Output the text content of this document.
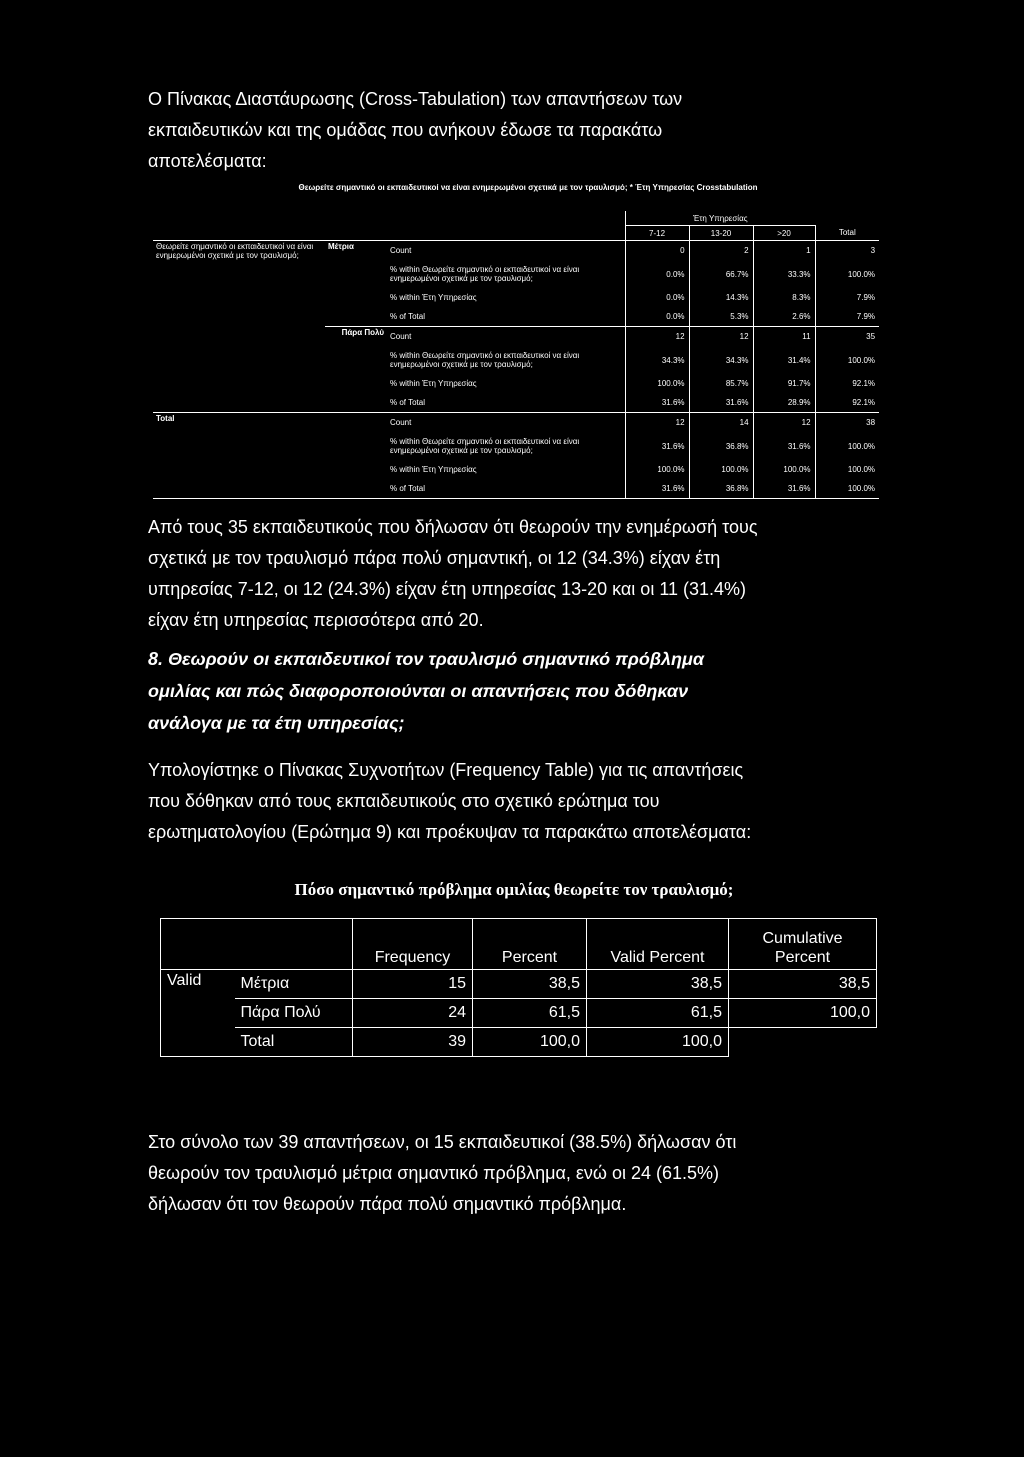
Ο Πίνακας Διαστάυρωσης (Cross-Tabulation) των απαντήσεων των
εκπαιδευτικών και της ομάδας που ανήκουν έδωσε τα παρακάτω
αποτελέσματα:

Θεωρείτε σημαντικό οι εκπαιδευτικοί να είναι ενημερωμένοι σχετικά με τον τραυλισμό; * Έτη Υπηρεσίας Crosstabulation
			Έτη Υπηρεσίας			
			7-12	13-20	>20	Total
Θεωρείτε σημαντικό οι εκπαιδευτικοί να είναι ενημερωμένοι σχετικά με τον τραυλισμό;	Μέτρια	Count	0	2	1	3
		% within Θεωρείτε σημαντικό οι εκπαιδευτικοί να είναι ενημερωμένοι σχετικά με τον τραυλισμό;	0.0%	66.7%	33.3%	100.0%
		% within Έτη Υπηρεσίας	0.0%	14.3%	8.3%	7.9%
		% of Total	0.0%	5.3%	2.6%	7.9%
	Πάρα Πολύ	Count	12	12	11	35
		% within Θεωρείτε σημαντικό οι εκπαιδευτικοί να είναι ενημερωμένοι σχετικά με τον τραυλισμό;	34.3%	34.3%	31.4%	100.0%
		% within Έτη Υπηρεσίας	100.0%	85.7%	91.7%	92.1%
		% of Total	31.6%	31.6%	28.9%	92.1%
Total		Count	12	14	12	38
		% within Θεωρείτε σημαντικό οι εκπαιδευτικοί να είναι ενημερωμένοι σχετικά με τον τραυλισμό;	31.6%	36.8%	31.6%	100.0%
		% within Έτη Υπηρεσίας	100.0%	100.0%	100.0%	100.0%
		% of Total	31.6%	36.8%	31.6%	100.0%

Από τους 35 εκπαιδευτικούς που δήλωσαν ότι θεωρούν την ενημέρωσή τους
σχετικά με τον τραυλισμό πάρα πολύ σημαντική, οι 12 (34.3%) είχαν έτη
υπηρεσίας 7-12, οι 12 (24.3%) είχαν έτη υπηρεσίας 13-20 και οι 11 (31.4%)
είχαν έτη υπηρεσίας περισσότερα από 20.

8. Θεωρούν οι εκπαιδευτικοί τον τραυλισμό σημαντικό πρόβλημα
ομιλίας και πώς διαφοροποιούνται οι απαντήσεις που δόθηκαν
ανάλογα με τα έτη υπηρεσίας;

Υπολογίστηκε ο Πίνακας Συχνοτήτων (Frequency Table) για τις απαντήσεις
που δόθηκαν από τους εκπαιδευτικούς στο σχετικό ερώτημα του
ερωτηματολογίου (Ερώτημα 9) και προέκυψαν τα παρακάτω αποτελέσματα:

Πόσο σημαντικό πρόβλημα ομιλίας θεωρείτε τον τραυλισμό;
		Frequency	Percent	Valid Percent	Cumulative Percent
Valid	Μέτρια	15	38,5	38,5	38,5
	Πάρα Πολύ	24	61,5	61,5	100,0
	Total	39	100,0	100,0	

Στο σύνολο των 39 απαντήσεων, οι 15 εκπαιδευτικοί (38.5%) δήλωσαν ότι
θεωρούν τον τραυλισμό μέτρια σημαντικό πρόβλημα, ενώ οι 24 (61.5%)
δήλωσαν ότι τον θεωρούν πάρα πολύ σημαντικό πρόβλημα.
